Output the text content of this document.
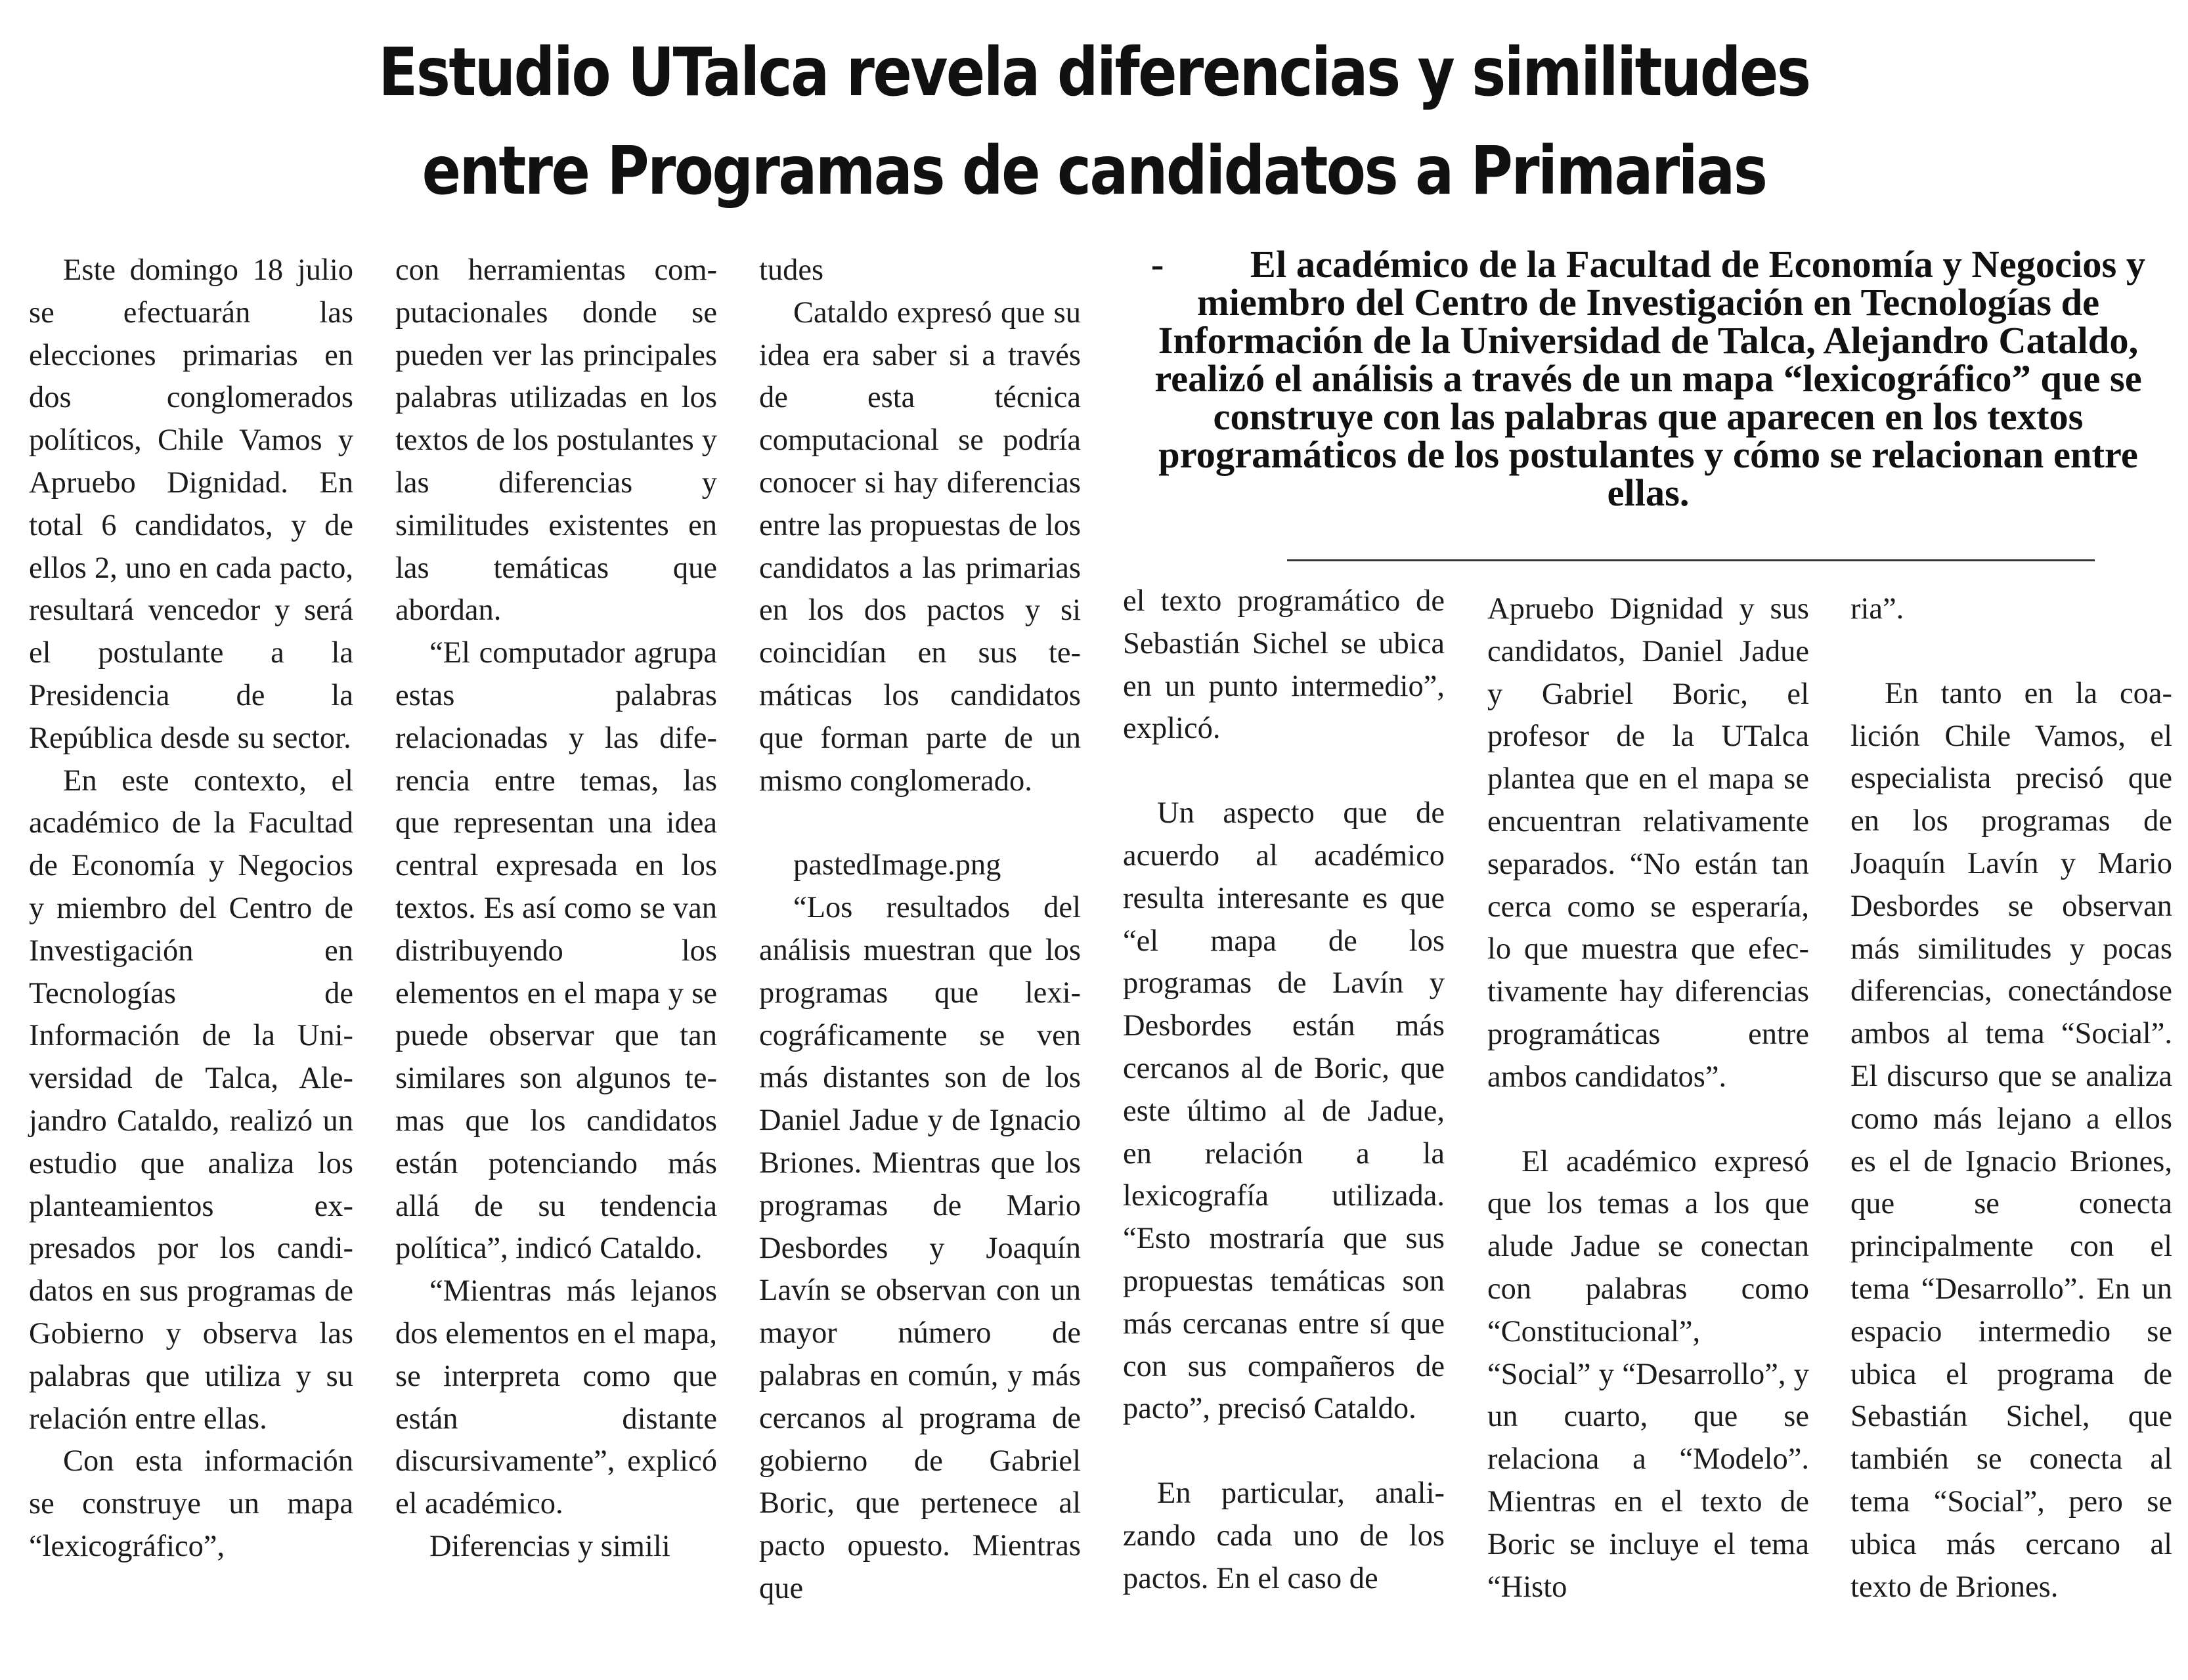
Estudio UTalca revela diferencias y similitudes
entre Programas de candidatos a Primarias

Este domingo 18 julio se efectuarán las elecciones primarias en dos conglomerados políticos, Chile Vamos y Apruebo Dignidad. En total 6 candidatos, y de ellos 2, uno en cada pacto, resultará vencedor y será el postulante a la Presidencia de la República desde su sector.

En este contexto, el académico de la Facultad de Economía y Negocios y miembro del Centro de Investigación en Tecnologías de Información de la Universidad de Talca, Alejandro Cataldo, realizó un estudio que analiza los planteamientos expresados por los candidatos en sus programas de Gobierno y observa las palabras que utiliza y su relación entre ellas.

Con esta información se construye un mapa “lexicográfico”,

con herramientas computacionales donde se pueden ver las principales palabras utilizadas en los textos de los postulantes y las diferencias y similitudes existentes en las temáticas que abordan.

“El computador agrupa estas palabras relacionadas y las diferencia entre temas, las que representan una idea central expresada en los textos. Es así como se van distribuyendo los elementos en el mapa y se puede observar que tan similares son algunos temas que los candidatos están potenciando más allá de su tendencia política”, indicó Cataldo.

“Mientras más lejanos dos elementos en el mapa, se interpreta como que están distante discursivamente”, explicó el académico.

Diferencias y simili

tudes

Cataldo expresó que su idea era saber si a través de esta técnica computacional se podría conocer si hay diferencias entre las propuestas de los candidatos a las primarias en los dos pactos y si coincidían en sus temáticas los candidatos que forman parte de un mismo conglomerado.

pastedImage.png

“Los resultados del análisis muestran que los programas que lexicográficamente se ven más distantes son de los Daniel Jadue y de Ignacio Briones. Mientras que los programas de Mario Desbordes y Joaquín Lavín se observan con un mayor número de palabras en común, y más cercanos al programa de gobierno de Gabriel Boric, que pertenece al pacto opuesto. Mientras que

-         El académico de la Facultad de Economía y Negocios y miembro del Centro de Investigación en Tecnologías de Información de la Universidad de Talca, Alejandro Cataldo, realizó el análisis a través de un mapa “lexicográfico” que se construye con las palabras que aparecen en los textos programáticos de los postulantes y cómo se relacionan entre ellas.

el texto programático de Sebastián Sichel se ubica en un punto intermedio”, explicó.

Un aspecto que de acuerdo al académico resulta interesante es que “el mapa de los programas de Lavín y Desbordes están más cercanos al de Boric, que este último al de Jadue, en relación a la lexicografía utilizada. “Esto mostraría que sus propuestas temáticas son más cercanas entre sí que con sus compañeros de pacto”, precisó Cataldo.

En particular, analizando cada uno de los pactos. En el caso de

Apruebo Dignidad y sus candidatos, Daniel Jadue y Gabriel Boric, el profesor de la UTalca plantea que en el mapa se encuentran relativamente separados. “No están tan cerca como se esperaría, lo que muestra que efectivamente hay diferencias programáticas entre ambos candidatos”.

El académico expresó que los temas a los que alude Jadue se conectan con palabras como “Constitucional”, “Social” y “Desarrollo”, y un cuarto, que se relaciona a “Modelo”. Mientras en el texto de Boric se incluye el tema “Histo

ria”.

En tanto en la coalición Chile Vamos, el especialista precisó que en los programas de Joaquín Lavín y Mario Desbordes se observan más similitudes y pocas diferencias, conectándose ambos al tema “Social”. El discurso que se analiza como más lejano a ellos es el de Ignacio Briones, que se conecta principalmente con el tema “Desarrollo”. En un espacio intermedio se ubica el programa de Sebastián Sichel, que también se conecta al tema “Social”, pero se ubica más cercano al texto de Briones.
